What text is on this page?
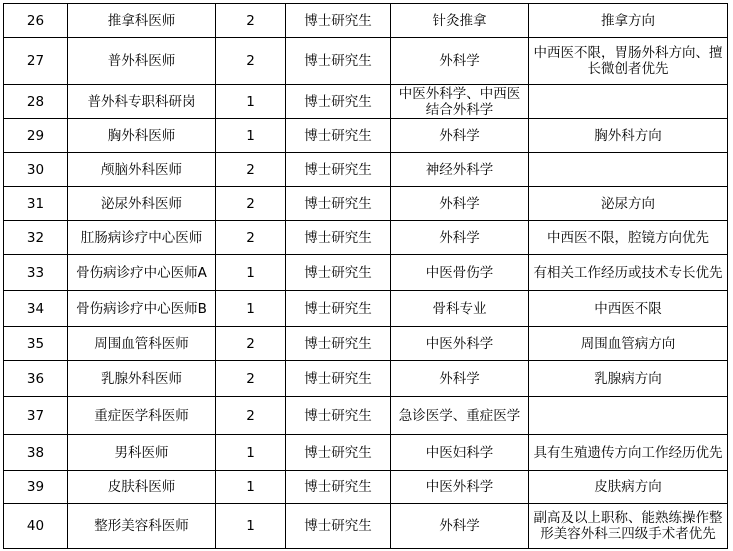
26	推拿科医师	2	博士研究生	针灸推拿	推拿方向
27	普外科医师	2	博士研究生	外科学	中西医不限，胃肠外科方向、擅长微创者优先
28	普外科专职科研岗	1	博士研究生	中医外科学、中西医结合外科学	
29	胸外科医师	1	博士研究生	外科学	胸外科方向
30	颅脑外科医师	2	博士研究生	神经外科学	
31	泌尿外科医师	2	博士研究生	外科学	泌尿方向
32	肛肠病诊疗中心医师	2	博士研究生	外科学	中西医不限，腔镜方向优先
33	骨伤病诊疗中心医师A	1	博士研究生	中医骨伤学	有相关工作经历或技术专长优先
34	骨伤病诊疗中心医师B	1	博士研究生	骨科专业	中西医不限
35	周围血管科医师	2	博士研究生	中医外科学	周围血管病方向
36	乳腺外科医师	2	博士研究生	外科学	乳腺病方向
37	重症医学科医师	2	博士研究生	急诊医学、重症医学	
38	男科医师	1	博士研究生	中医妇科学	具有生殖遗传方向工作经历优先
39	皮肤科医师	1	博士研究生	中医外科学	皮肤病方向
40	整形美容科医师	1	博士研究生	外科学	副高及以上职称、能熟练操作整形美容外科三四级手术者优先
